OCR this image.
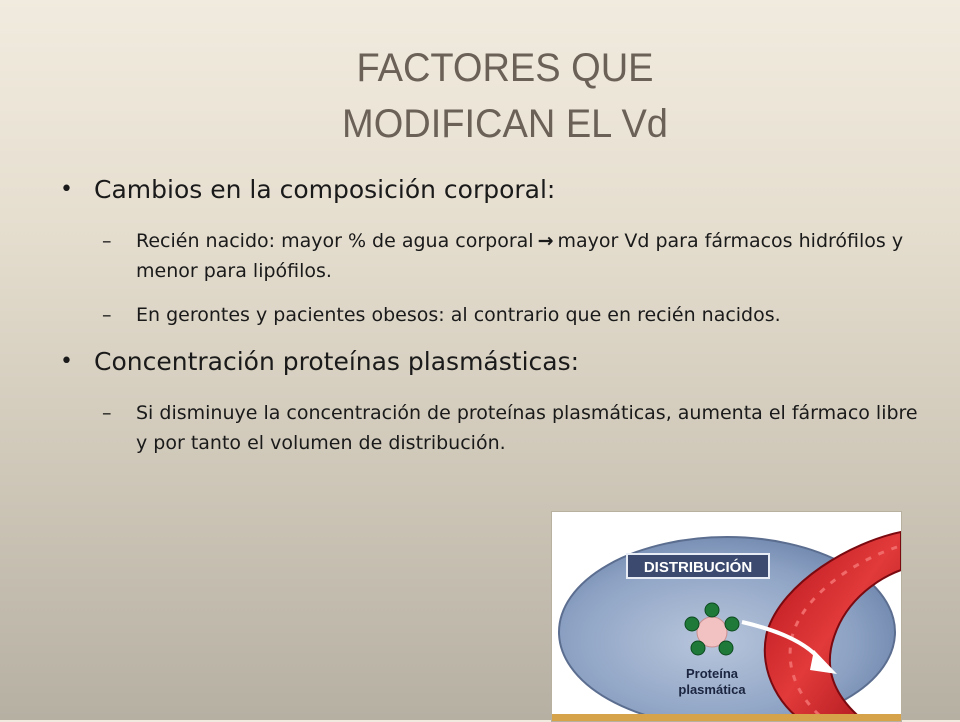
FACTORES QUE
MODIFICAN EL Vd
• Cambios en la composición corporal:
– Recién nacido: mayor % de agua corporal → mayor Vd para fármacos hidrófilos y menor para lipófilos.
– En gerontes y pacientes obesos: al contrario que en recién nacidos.
• Concentración proteínas plasmásticas:
– Si disminuye la concentración de proteínas plasmáticas, aumenta el fármaco libre y por tanto el volumen de distribución.
DISTRIBUCIÓN
Proteína
plasmática
